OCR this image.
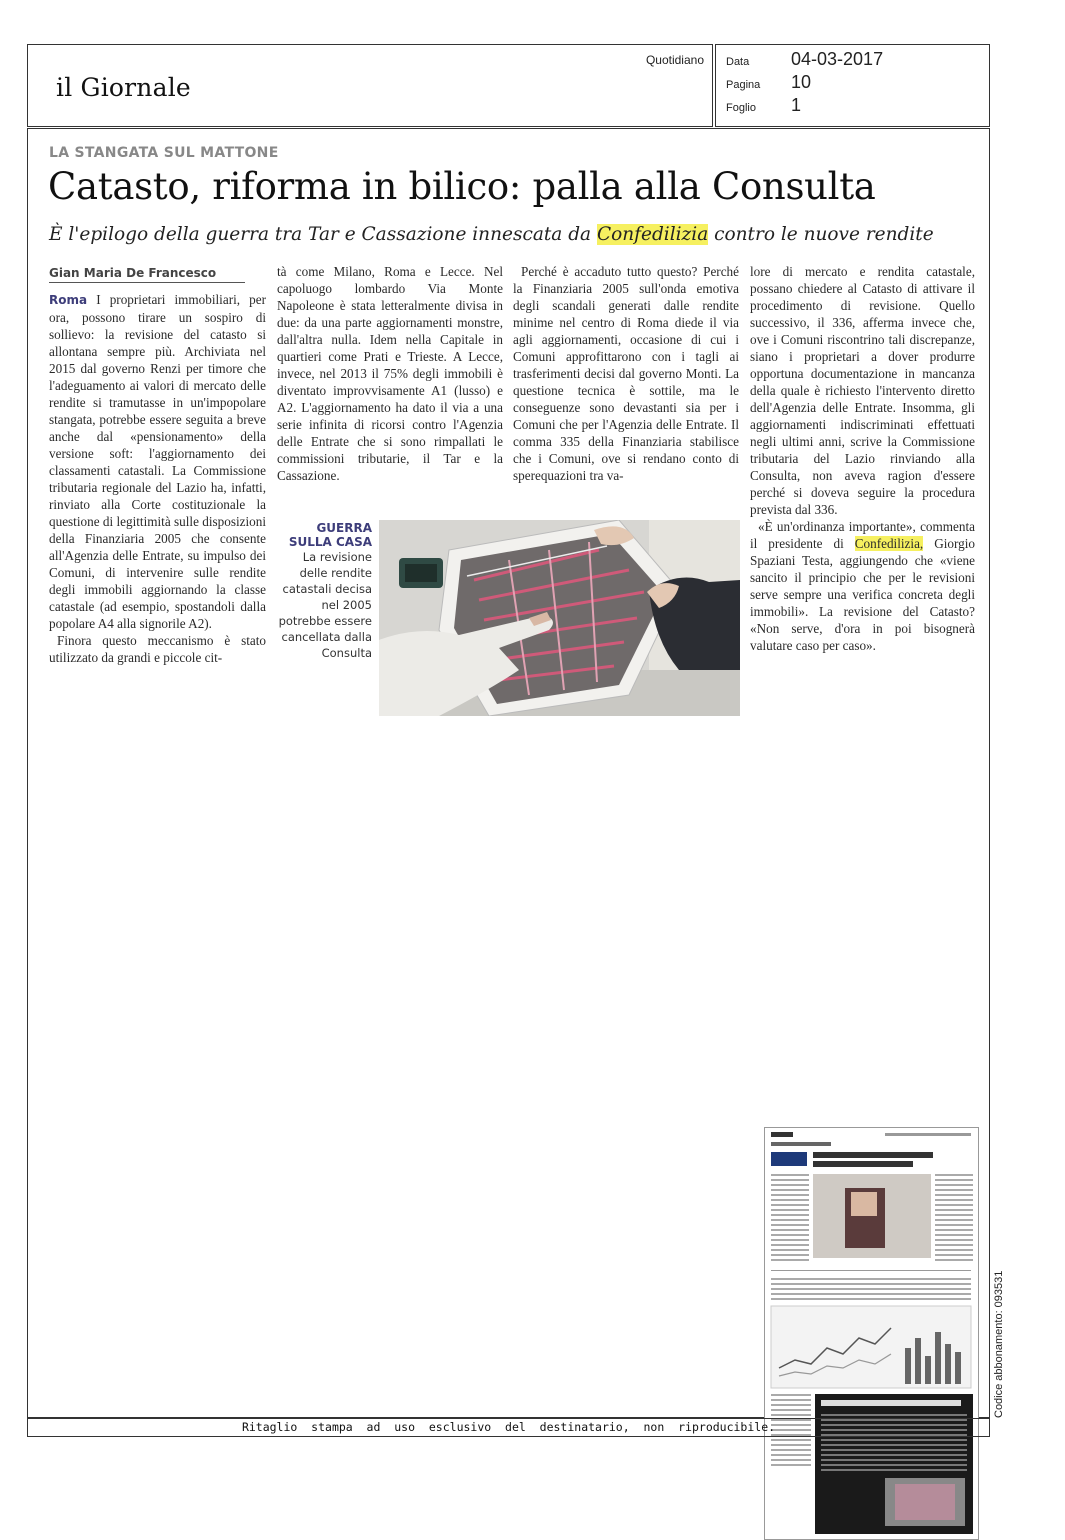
il Giornale
Quotidiano Data 04-03-2017
Pagina 10
Foglio 1
LA STANGATA SUL MATTONE
Catasto, riforma in bilico: palla alla Consulta
È l'epilogo della guerra tra Tar e Cassazione innescata da Confedilizia contro le nuove rendite
Gian Maria De Francesco

Roma I proprietari immobiliari, per ora, possono tirare un sospiro di sollievo: la revisione del catasto si allontana sempre più. Archiviata nel 2015 dal governo Renzi per timore che l'adeguamento ai valori di mercato delle rendite si tramutasse in un'impopolare stangata, potrebbe essere seguita a breve anche dal «pensionamento» della versione soft: l'aggiornamento dei classamenti catastali. La Commissione tributaria regionale del Lazio ha, infatti, rinviato alla Corte costituzionale la questione di legittimità sulle disposizioni della Finanziaria 2005 che consente all'Agenzia delle Entrate, su impulso dei Comuni, di intervenire sulle rendite degli immobili aggiornando la classe catastale (ad esempio, spostandoli dalla popolare A4 alla signorile A2).

Finora questo meccanismo è stato utilizzato da grandi e piccole cit-

tà come Milano, Roma e Lecce. Nel capoluogo lombardo Via Monte Napoleone è stata letteralmente divisa in due: da una parte aggiornamenti monstre, dall'altra nulla. Idem nella Capitale in quartieri come Prati e Trieste. A Lecce, invece, nel 2013 il 75% degli immobili è diventato improvvisamente A1 (lusso) e A2. L'aggiornamento ha dato il via a una serie infinita di ricorsi contro l'Agenzia delle Entrate che si sono rimpallati le commissioni tributarie, il Tar e la Cassazione.

Perché è accaduto tutto questo? Perché la Finanziaria 2005 sull'onda emotiva degli scandali generati dalle rendite minime nel centro di Roma diede il via agli aggiornamenti, occasione di cui i Comuni approfittarono con i tagli ai trasferimenti decisi dal governo Monti. La questione tecnica è sottile, ma le conseguenze sono devastanti sia per i Comuni che per l'Agenzia delle Entrate. Il comma 335 della Finanziaria stabilisce che i Comuni, ove si rendano conto di sperequazioni tra va-

lore di mercato e rendita catastale, possano chiedere al Catasto di attivare il procedimento di revisione. Quello successivo, il 336, afferma invece che, ove i Comuni riscontrino tali discrepanze, siano i proprietari a dover produrre opportuna documentazione in mancanza della quale è richiesto l'intervento diretto dell'Agenzia delle Entrate. Insomma, gli aggiornamenti indiscriminati effettuati negli ultimi anni, scrive la Commissione tributaria del Lazio rinviando alla Consulta, non aveva ragion d'essere perché si doveva seguire la procedura prevista dal 336.

«È un'ordinanza importante», commenta il presidente di Confedilizia, Giorgio Spaziani Testa, aggiungendo che «viene sancito il principio che per le revisioni serve sempre una verifica concreta degli immobili». La revisione del Catasto? «Non serve, d'ora in poi bisognerà valutare caso per caso».

GUERRA SULLA CASA
La revisione delle rendite catastali decisa nel 2005 potrebbe essere cancellata dalla Consulta
Codice abbonamento: 093531
Ritaglio  stampa  ad  uso  esclusivo  del  destinatario,  non  riproducibile.
